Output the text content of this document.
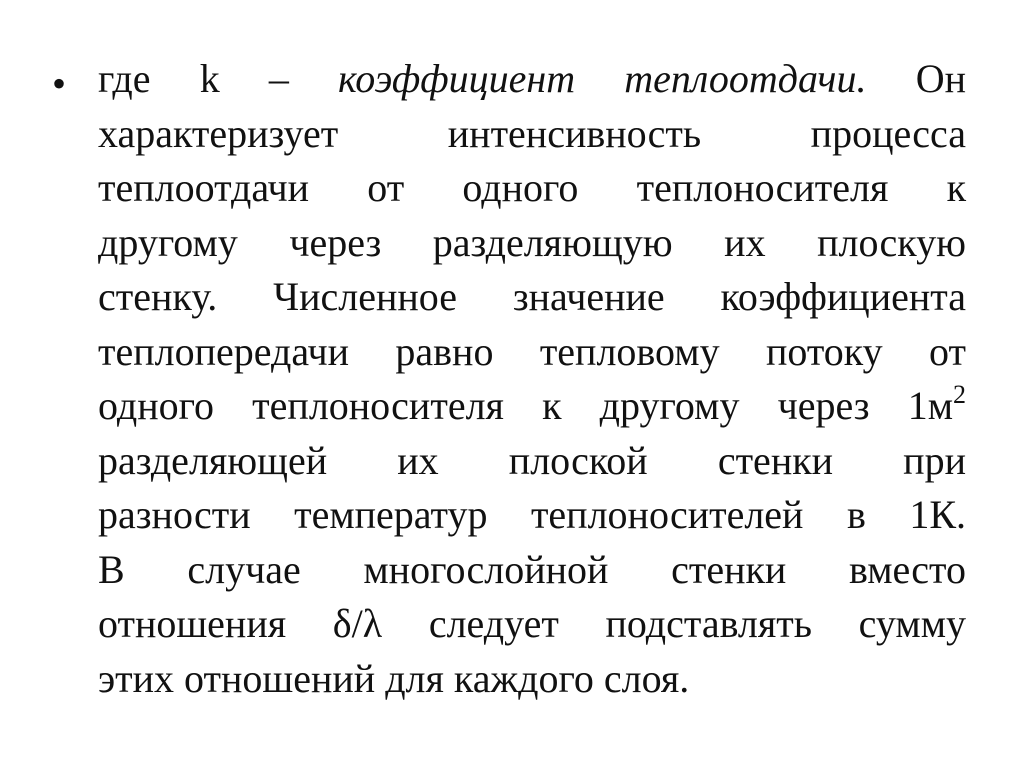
• где k – коэффициент теплоотдачи. Он
характеризует интенсивность процесса
теплоотдачи от одного теплоносителя к
другому через разделяющую их плоскую
стенку. Численное значение коэффициента
теплопередачи равно тепловому потоку от
одного теплоносителя к другому через $1м^2$
разделяющей их плоской стенки при
разности температур теплоносителей в 1К.
В случае многослойной стенки вместо
отношения δ/λ следует подставлять сумму
этих отношений для каждого слоя.
